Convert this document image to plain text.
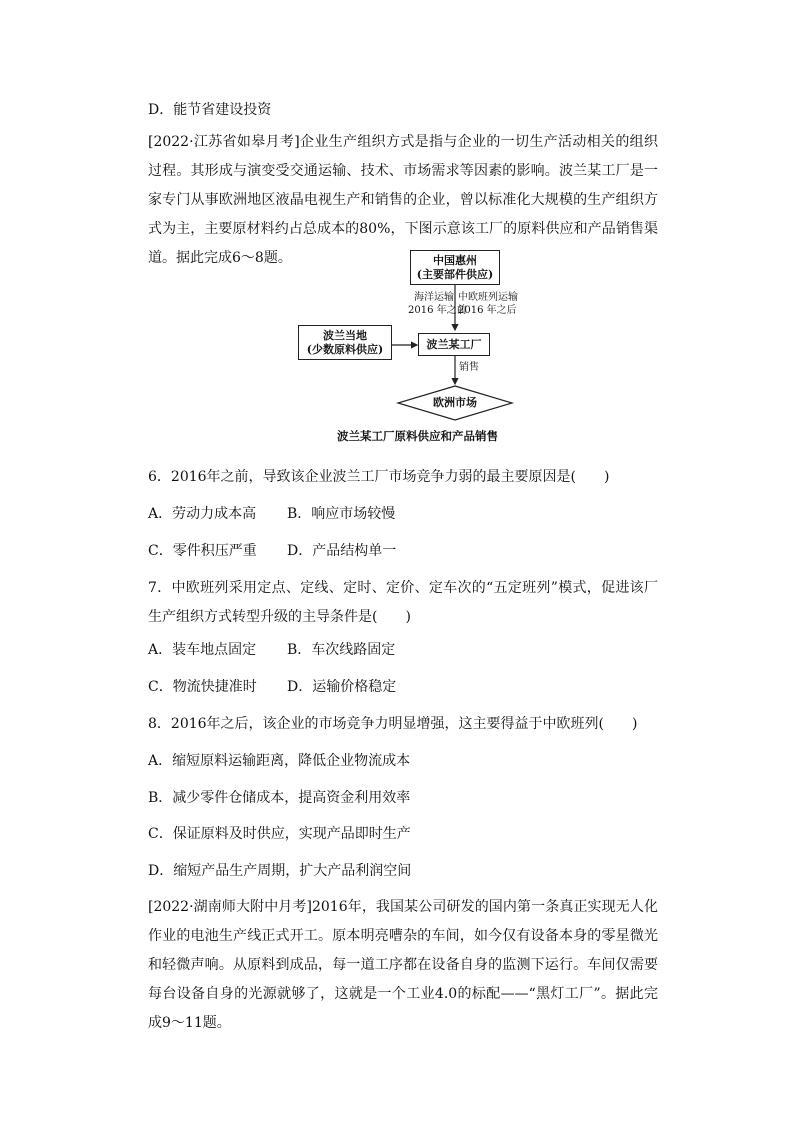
D．能节省建设投资
[2022·江苏省如皋月考]企业生产组织方式是指与企业的一切生产活动相关的组织过程。其形成与演变受交通运输、技术、市场需求等因素的影响。波兰某工厂是一家专门从事欧洲地区液晶电视生产和销售的企业，曾以标准化大规模的生产组织方式为主，主要原材料约占总成本的80%，下图示意该工厂的原料供应和产品销售渠道。据此完成6～8题。	中国惠州
(主要部件供应)
海洋运输
2016 年之前
中欧班列运输
2016 年之后
波兰当地
(少数原料供应)	波兰某工厂
销售
欧洲市场
波兰某工厂原料供应和产品销售
6．2016年之前，导致该企业波兰工厂市场竞争力弱的最主要原因是(　　)
A．劳动力成本高 B．响应市场较慢
C．零件积压严重 D．产品结构单一
7．中欧班列采用定点、定线、定时、定价、定车次的“五定班列”模式，促进该厂生产组织方式转型升级的主导条件是(　　)
A．装车地点固定 B．车次线路固定
C．物流快捷准时 D．运输价格稳定
8．2016年之后，该企业的市场竞争力明显增强，这主要得益于中欧班列(　　)
A．缩短原料运输距离，降低企业物流成本
B．减少零件仓储成本，提高资金利用效率
C．保证原料及时供应，实现产品即时生产
D．缩短产品生产周期，扩大产品利润空间
[2022·湖南师大附中月考]2016年，我国某公司研发的国内第一条真正实现无人化作业的电池生产线正式开工。原本明亮嘈杂的车间，如今仅有设备本身的零星微光和轻微声响。从原料到成品，每一道工序都在设备自身的监测下运行。车间仅需要每台设备自身的光源就够了，这就是一个工业4.0的标配——“黑灯工厂”。据此完成9～11题。
